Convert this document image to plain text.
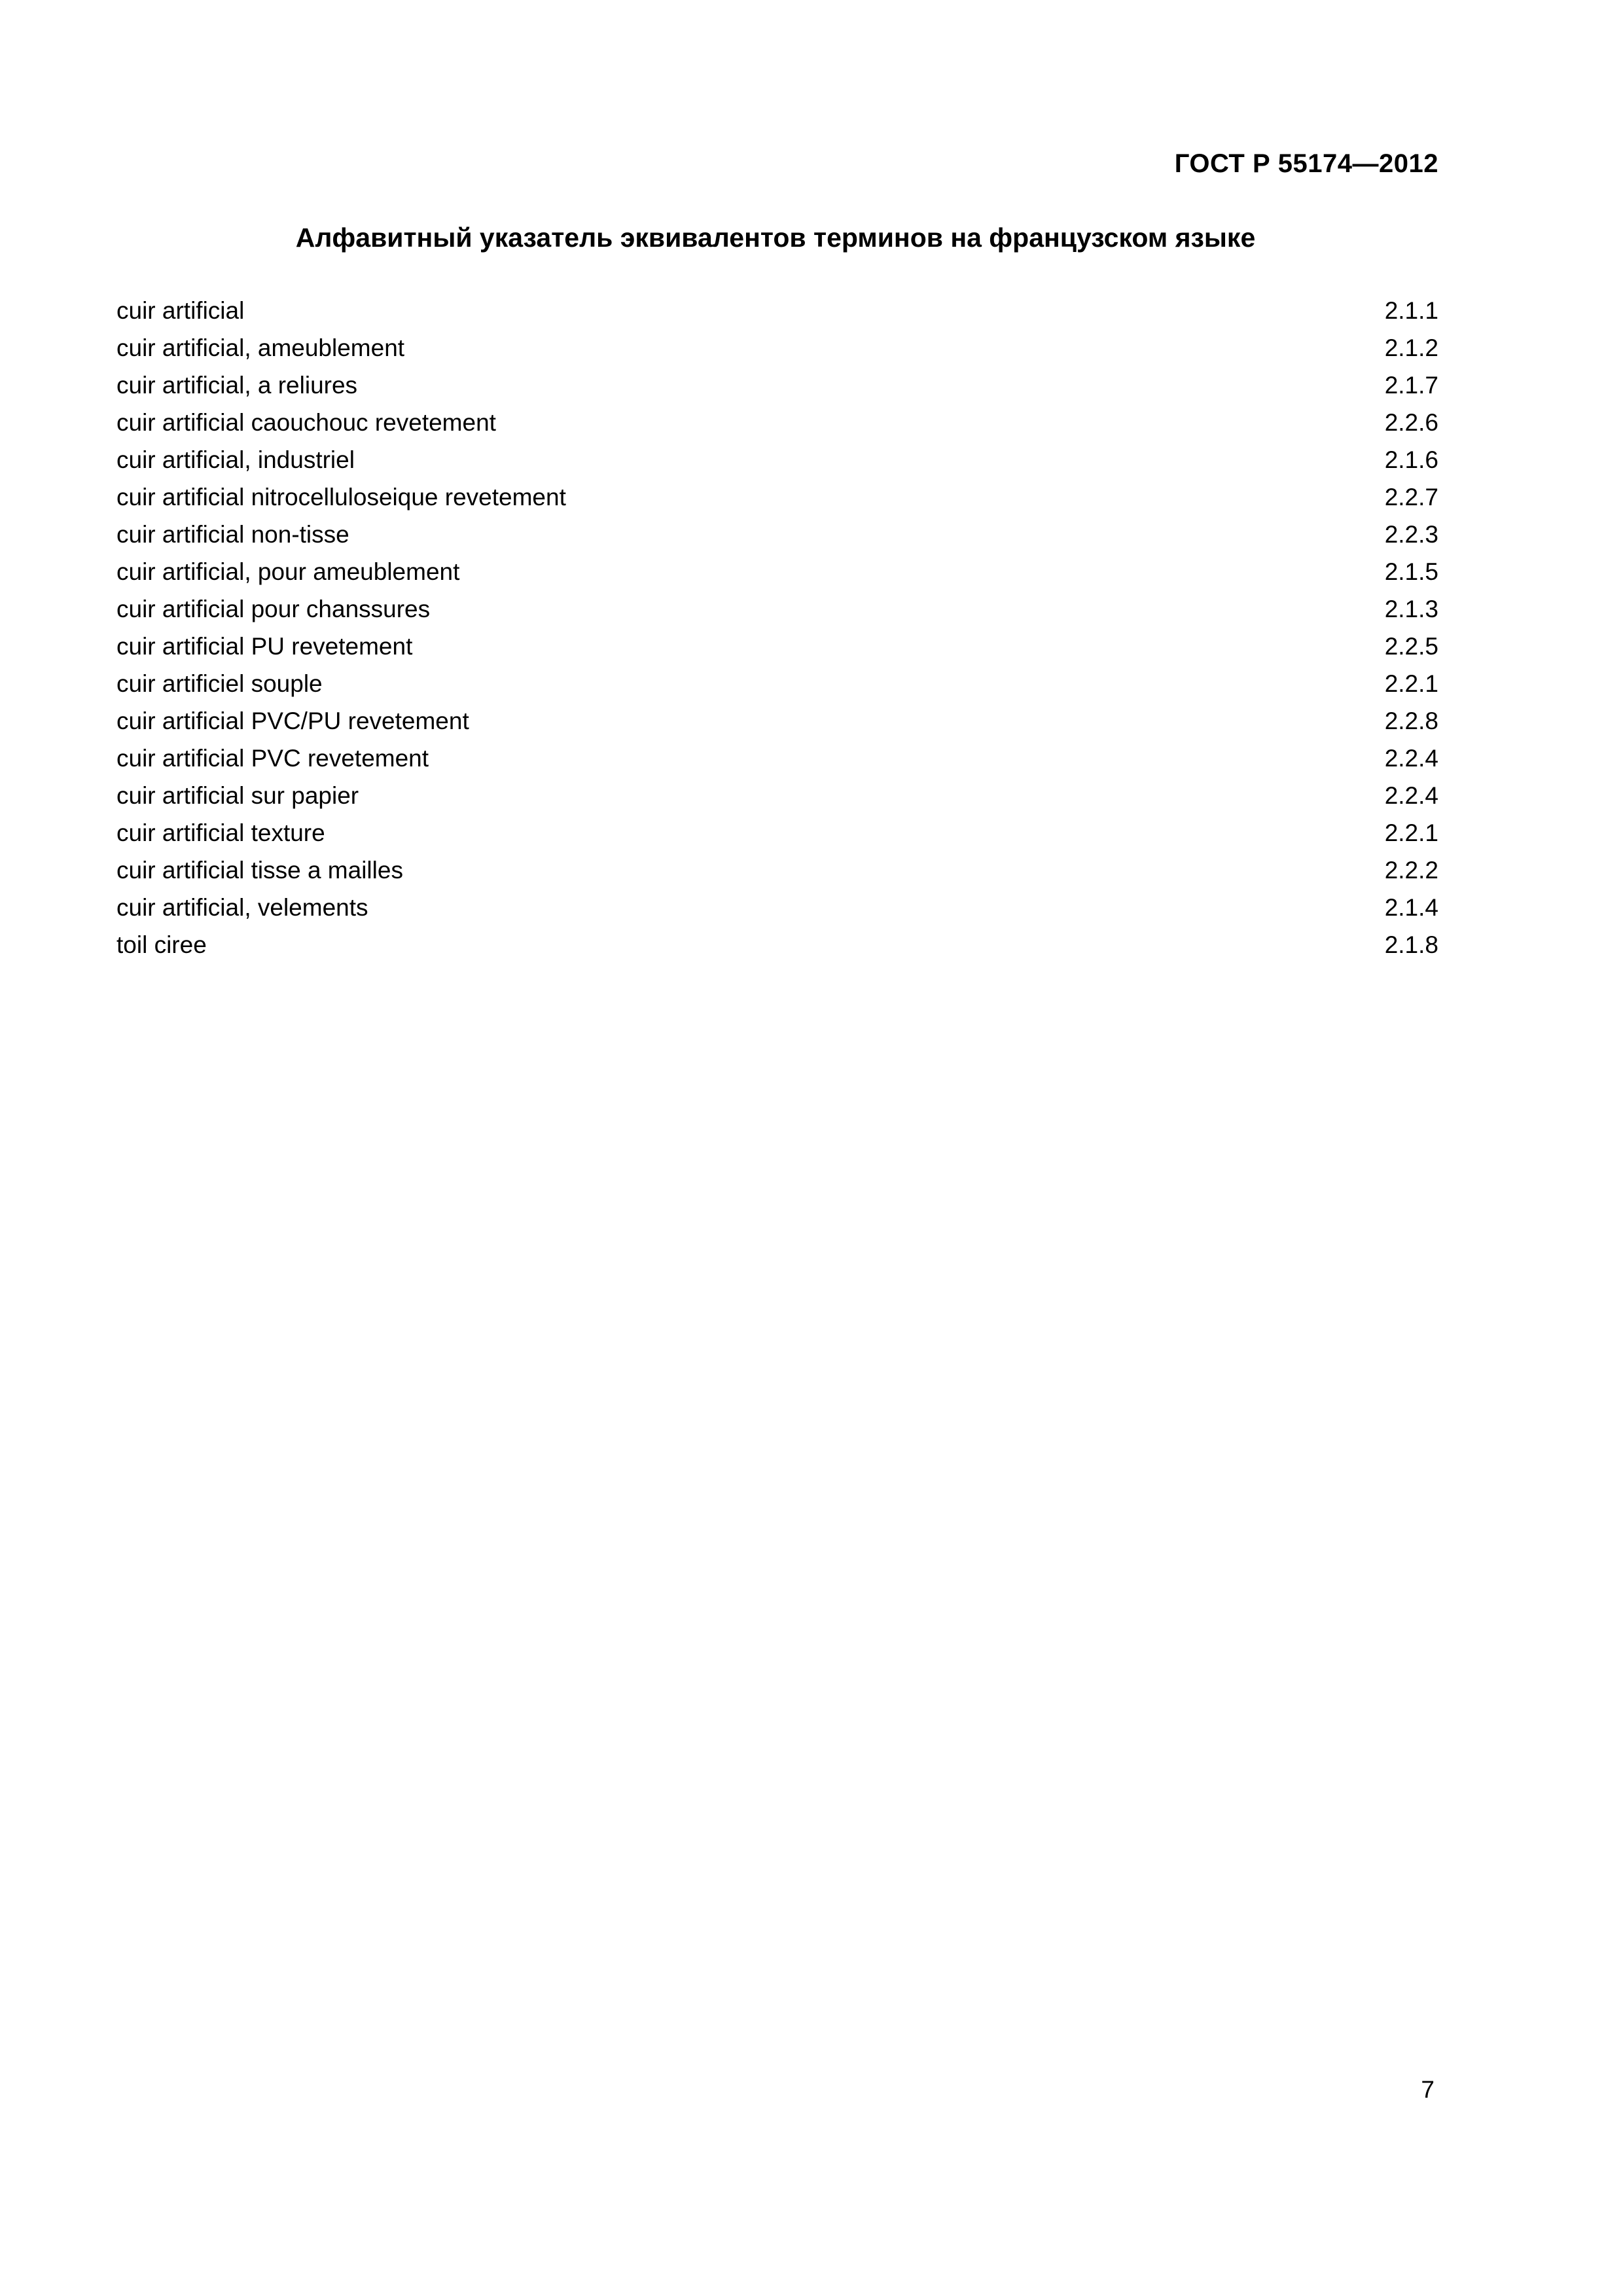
ГОСТ Р 55174—2012
Алфавитный указатель эквивалентов терминов на французском языке
cuir artificial	2.1.1
cuir artificial, ameublement	2.1.2
cuir artificial, a reliures	2.1.7
cuir artificial caouchouc revetement	2.2.6
cuir artificial, industriel	2.1.6
cuir artificial nitrocelluloseique revetement	2.2.7
cuir artificial non-tisse	2.2.3
cuir artificial, pour ameublement	2.1.5
cuir artificial pour chanssures	2.1.3
cuir artificial PU revetement	2.2.5
cuir artificiel souple	2.2.1
cuir artificial PVC/PU revetement	2.2.8
cuir artificial PVC revetement	2.2.4
cuir artificial sur papier	2.2.4
cuir artificial texture	2.2.1
cuir artificial tisse a mailles	2.2.2
cuir artificial, velements	2.1.4
toil ciree	2.1.8
7
